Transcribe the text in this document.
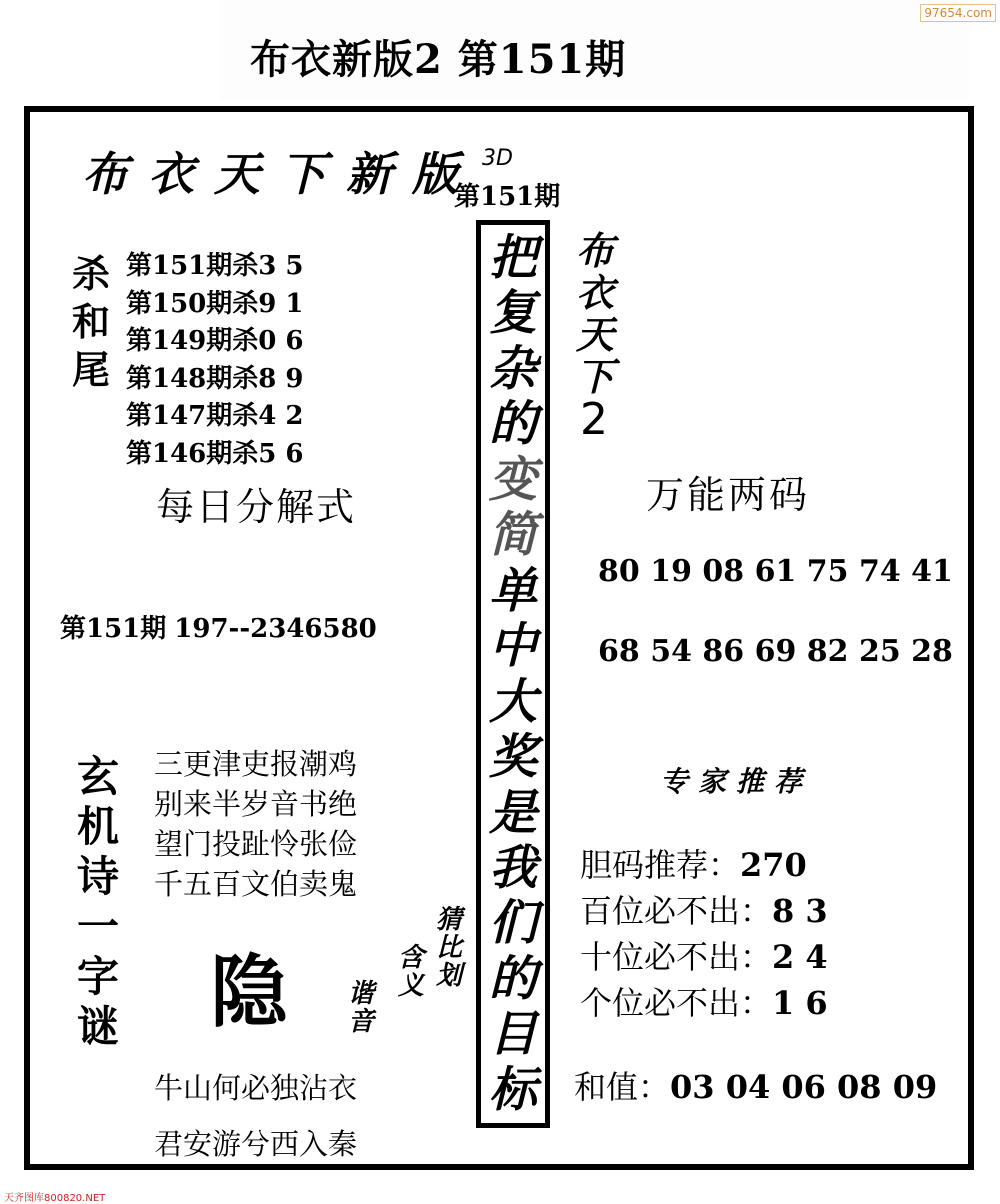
布衣新版2 第151期
97654.com
布衣天下新版 3D
第151期
杀
和
尾
第151期杀3 5
第150期杀9 1
第149期杀0 6
第148期杀8 9
第147期杀4 2
第146期杀5 6
每日分解式
第151期 197--2346580
玄
机
诗
一
字
谜
三更津吏报潮鸡
别来半岁音书绝
望门投趾怜张俭
千五百文伯卖鬼
隐
牛山何必独沾衣
君安游兮西入秦
猜
比
划
含
义
谐
音
把
复
杂
的
变
简
单
中
大
奖
是
我
们
的
目
标
布
衣
天
下
2
万能两码
80 19 08 61 75 74 41
68 54 86 69 82 25 28
专家推荐
胆码推荐：270
百位必不出：8 3
十位必不出：2 4
个位必不出：1 6
和值：03 04 06 08 09
天齐图库800820.NET
